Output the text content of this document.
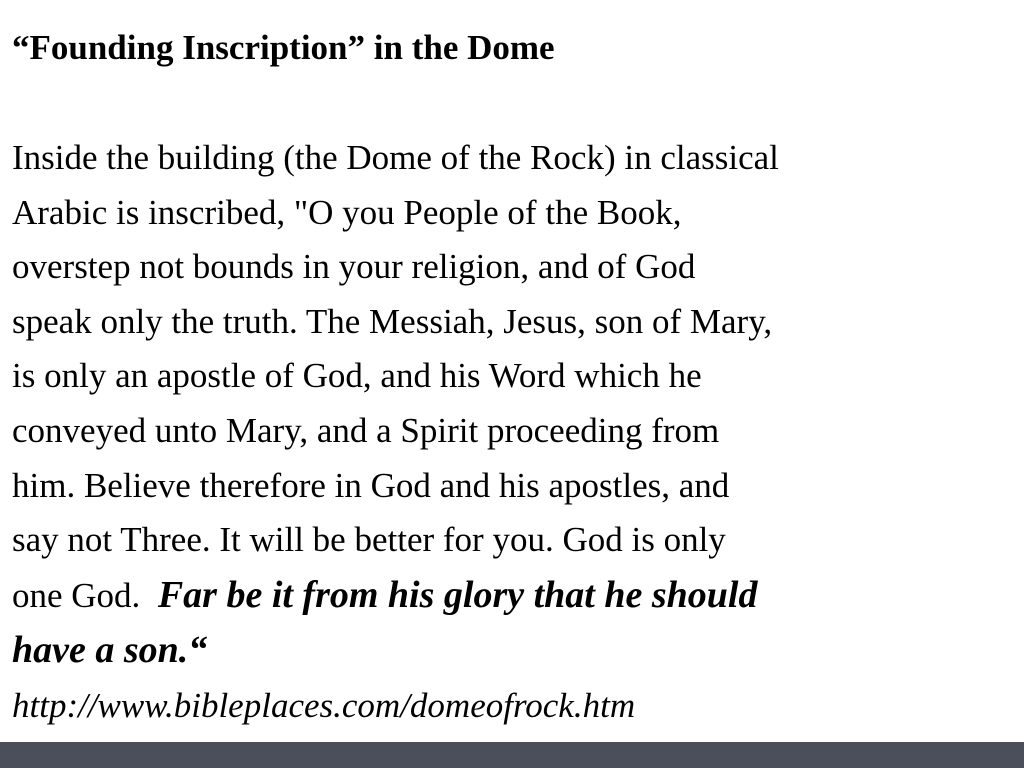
“Founding Inscription” in the Dome
Inside the building (the Dome of the Rock) in classical
Arabic is inscribed, "O you People of the Book,
overstep not bounds in your religion, and of God
speak only the truth. The Messiah, Jesus, son of Mary,
is only an apostle of God, and his Word which he
conveyed unto Mary, and a Spirit proceeding from
him. Believe therefore in God and his apostles, and
say not Three. It will be better for you. God is only
one God.  Far be it from his glory that he should
have a son.“
http://www.bibleplaces.com/domeofrock.htm
